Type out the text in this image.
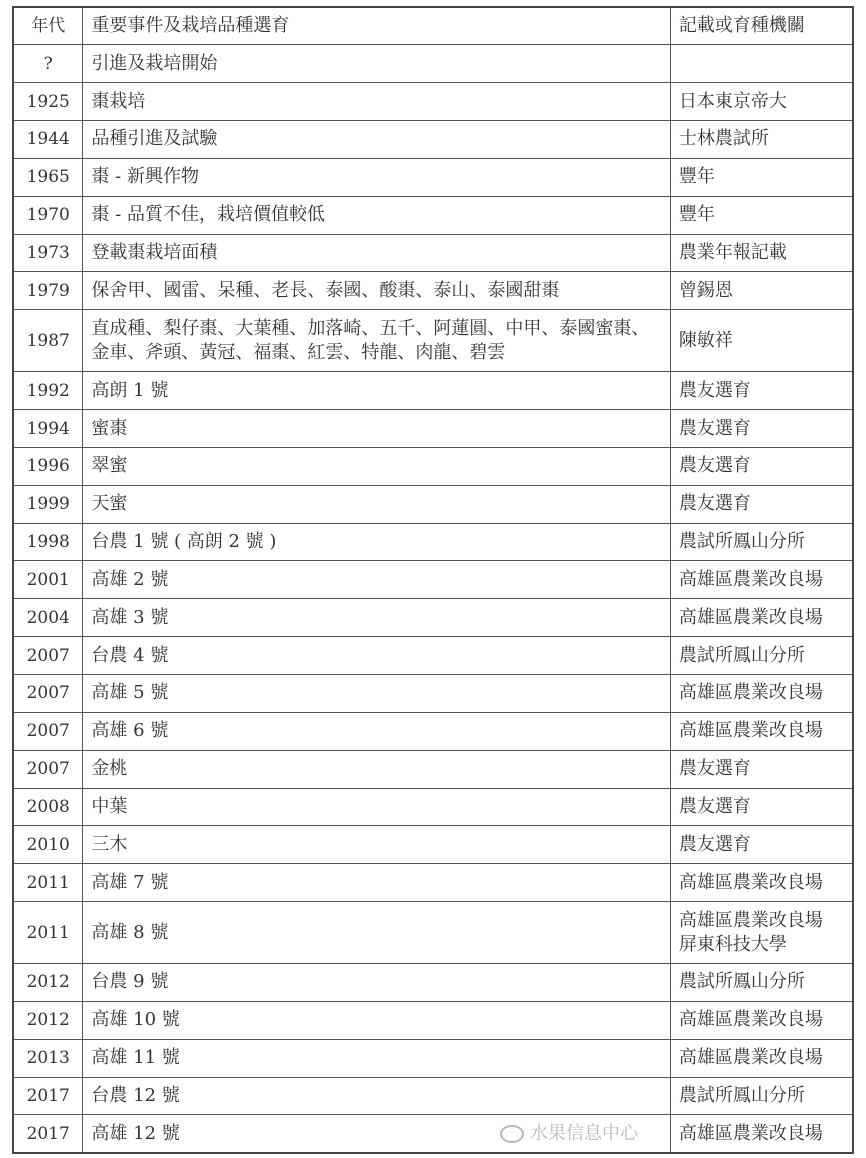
年代	重要事件及栽培品種選育	記載或育種機關
?	引進及栽培開始	
1925	棗栽培	日本東京帝大
1944	品種引進及試驗	士林農試所
1965	棗 - 新興作物	豐年
1970	棗 - 品質不佳，栽培價值較低	豐年
1973	登載棗栽培面積	農業年報記載
1979	保舍甲、國雷、呆種、老長、泰國、酸棗、泰山、泰國甜棗	曾錫恩
1987	直成種、梨仔棗、大葉種、加落崎、五千、阿蓮圓、中甲、泰國蜜棗、金車、斧頭、黃冠、福棗、紅雲、特龍、肉龍、碧雲	陳敏祥
1992	高朗 1 號	農友選育
1994	蜜棗	農友選育
1996	翠蜜	農友選育
1999	天蜜	農友選育
1998	台農 1 號 ( 高朗 2 號 )	農試所鳳山分所
2001	高雄 2 號	高雄區農業改良場
2004	高雄 3 號	高雄區農業改良場
2007	台農 4 號	農試所鳳山分所
2007	高雄 5 號	高雄區農業改良場
2007	高雄 6 號	高雄區農業改良場
2007	金桃	農友選育
2008	中葉	農友選育
2010	三木	農友選育
2011	高雄 7 號	高雄區農業改良場
2011	高雄 8 號	高雄區農業改良場
屏東科技大學
2012	台農 9 號	農試所鳳山分所
2012	高雄 10 號	高雄區農業改良場
2013	高雄 11 號	高雄區農業改良場
2017	台農 12 號	農試所鳳山分所
2017	高雄 12 號	高雄區農業改良場
水果信息中心
